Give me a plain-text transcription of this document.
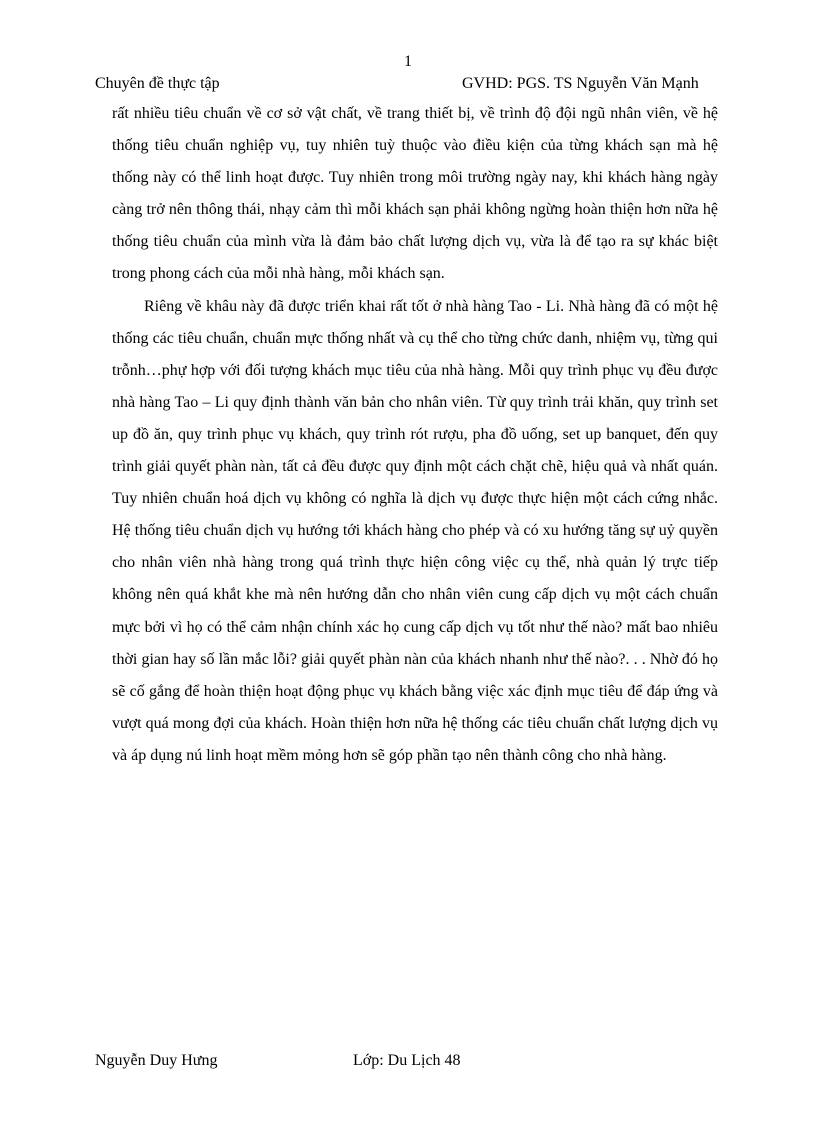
1
Chuyên đề thực tập	GVHD: PGS. TS Nguyễn Văn Mạnh

rất nhiều tiêu chuẩn về cơ sở vật chất, về trang thiết bị, về trình độ đội ngũ nhân viên, về hệ thống tiêu chuẩn nghiệp vụ, tuy nhiên tuỳ thuộc vào điều kiện của từng khách sạn mà hệ thống này có thể linh hoạt được. Tuy nhiên trong môi trường ngày nay, khi khách hàng ngày càng trở nên thông thái, nhạy cảm thì mỗi khách sạn phải không ngừng hoàn thiện hơn nữa hệ thống tiêu chuẩn của mình vừa là đảm bảo chất lượng dịch vụ, vừa là để tạo ra sự khác biệt trong phong cách của mỗi nhà hàng, mỗi khách sạn.

Riêng về khâu này đã được triển khai rất tốt ở nhà hàng Tao - Li. Nhà hàng đã có một hệ thống các tiêu chuẩn, chuẩn mực thống nhất và cụ thể cho từng chức danh, nhiệm vụ, từng qui trỗnh…phự hợp với đối tượng khách mục tiêu của nhà hàng. Mỗi quy trình phục vụ đều được nhà hàng Tao – Li quy định thành văn bản cho nhân viên. Từ quy trình trải khăn, quy trình set up đồ ăn, quy trình phục vụ khách, quy trình rót rượu, pha đồ uống, set up banquet, đến quy trình giải quyết phàn nàn, tất cả đều được quy định một cách chặt chẽ, hiệu quả và nhất quán. Tuy nhiên chuẩn hoá dịch vụ không có nghĩa là dịch vụ được thực hiện một cách cứng nhắc. Hệ thống tiêu chuẩn dịch vụ hướng tới khách hàng cho phép và có xu hướng tăng sự uỷ quyền cho nhân viên nhà hàng trong quá trình thực hiện công việc cụ thể, nhà quản lý trực tiếp không nên quá khắt khe mà nên hướng dẫn cho nhân viên cung cấp dịch vụ một cách chuẩn mực bởi vì họ có thể cảm nhận chính xác họ cung cấp dịch vụ tốt như thế nào? mất bao nhiêu thời gian hay số lần mắc lỗi? giải quyết phàn nàn của khách nhanh như thế nào?. . . Nhờ đó họ sẽ cố gắng để hoàn thiện hoạt động phục vụ khách bằng việc xác định mục tiêu để đáp ứng và vượt quá mong đợi của khách. Hoàn thiện hơn nữa hệ thống các tiêu chuẩn chất lượng dịch vụ và áp dụng nú linh hoạt mềm mỏng hơn sẽ góp phần tạo nên thành công cho nhà hàng.

Nguyễn Duy Hưng	Lớp: Du Lịch 48
